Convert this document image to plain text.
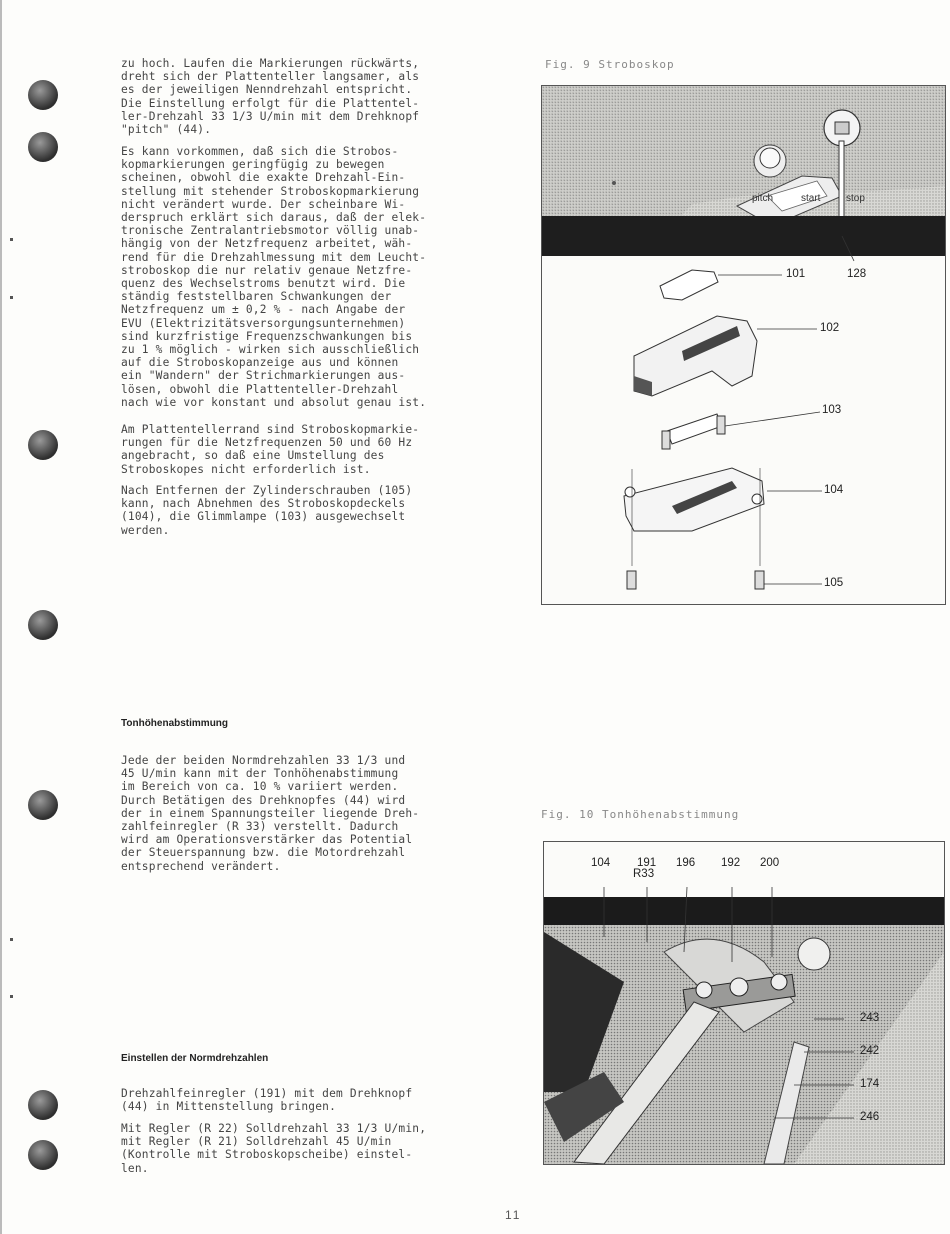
zu hoch. Laufen die Markierungen rückwärts,
dreht sich der Plattenteller langsamer, als
es der jeweiligen Nenndrehzahl entspricht.
Die Einstellung erfolgt für die Plattentel-
ler-Drehzahl 33 1/3 U/min mit dem Drehknopf
"pitch" (44).
Es kann vorkommen, daß sich die Strobos-
kopmarkierungen geringfügig zu bewegen
scheinen, obwohl die exakte Drehzahl-Ein-
stellung mit stehender Stroboskopmarkierung
nicht verändert wurde. Der scheinbare Wi-
derspruch erklärt sich daraus, daß der elek-
tronische Zentralantriebsmotor völlig unab-
hängig von der Netzfrequenz arbeitet, wäh-
rend für die Drehzahlmessung mit dem Leucht-
stroboskop die nur relativ genaue Netzfre-
quenz des Wechselstroms benutzt wird. Die
ständig feststellbaren Schwankungen der
Netzfrequenz um ± 0,2 % - nach Angabe der
EVU (Elektrizitätsversorgungsunternehmen)
sind kurzfristige Frequenzschwankungen bis
zu 1 % möglich - wirken sich ausschließlich
auf die Stroboskopanzeige aus und können
ein "Wandern" der Strichmarkierungen aus-
lösen, obwohl die Plattenteller-Drehzahl
nach wie vor konstant und absolut genau ist.
Am Plattentellerrand sind Stroboskopmarkie-
rungen für die Netzfrequenzen 50 und 60 Hz
angebracht, so daß eine Umstellung des
Stroboskopes nicht erforderlich ist.
Nach Entfernen der Zylinderschrauben (105)
kann, nach Abnehmen des Stroboskopdeckels
(104), die Glimmlampe (103) ausgewechselt
werden.
Tonhöhenabstimmung
Jede der beiden Normdrehzahlen 33 1/3 und
45 U/min kann mit der Tonhöhenabstimmung
im Bereich von ca. 10 % variiert werden.
Durch Betätigen des Drehknopfes (44) wird
der in einem Spannungsteiler liegende Dreh-
zahlfeinregler (R 33) verstellt. Dadurch
wird am Operationsverstärker das Potential
der Steuerspannung bzw. die Motordrehzahl
entsprechend verändert.
Einstellen der Normdrehzahlen
Drehzahlfeinregler (191) mit dem Drehknopf
(44) in Mittenstellung bringen.
Mit Regler (R 22) Solldrehzahl 33 1/3 U/min,
mit Regler (R 21) Solldrehzahl 45 U/min
(Kontrolle mit Stroboskopscheibe) einstel-
len.
Fig. 9 Stroboskop
pitch	start	stop
101	128
102
103
104
105
Fig. 10 Tonhöhenabstimmung
104 191
R33
196 192 200
243
242
174
246
11
